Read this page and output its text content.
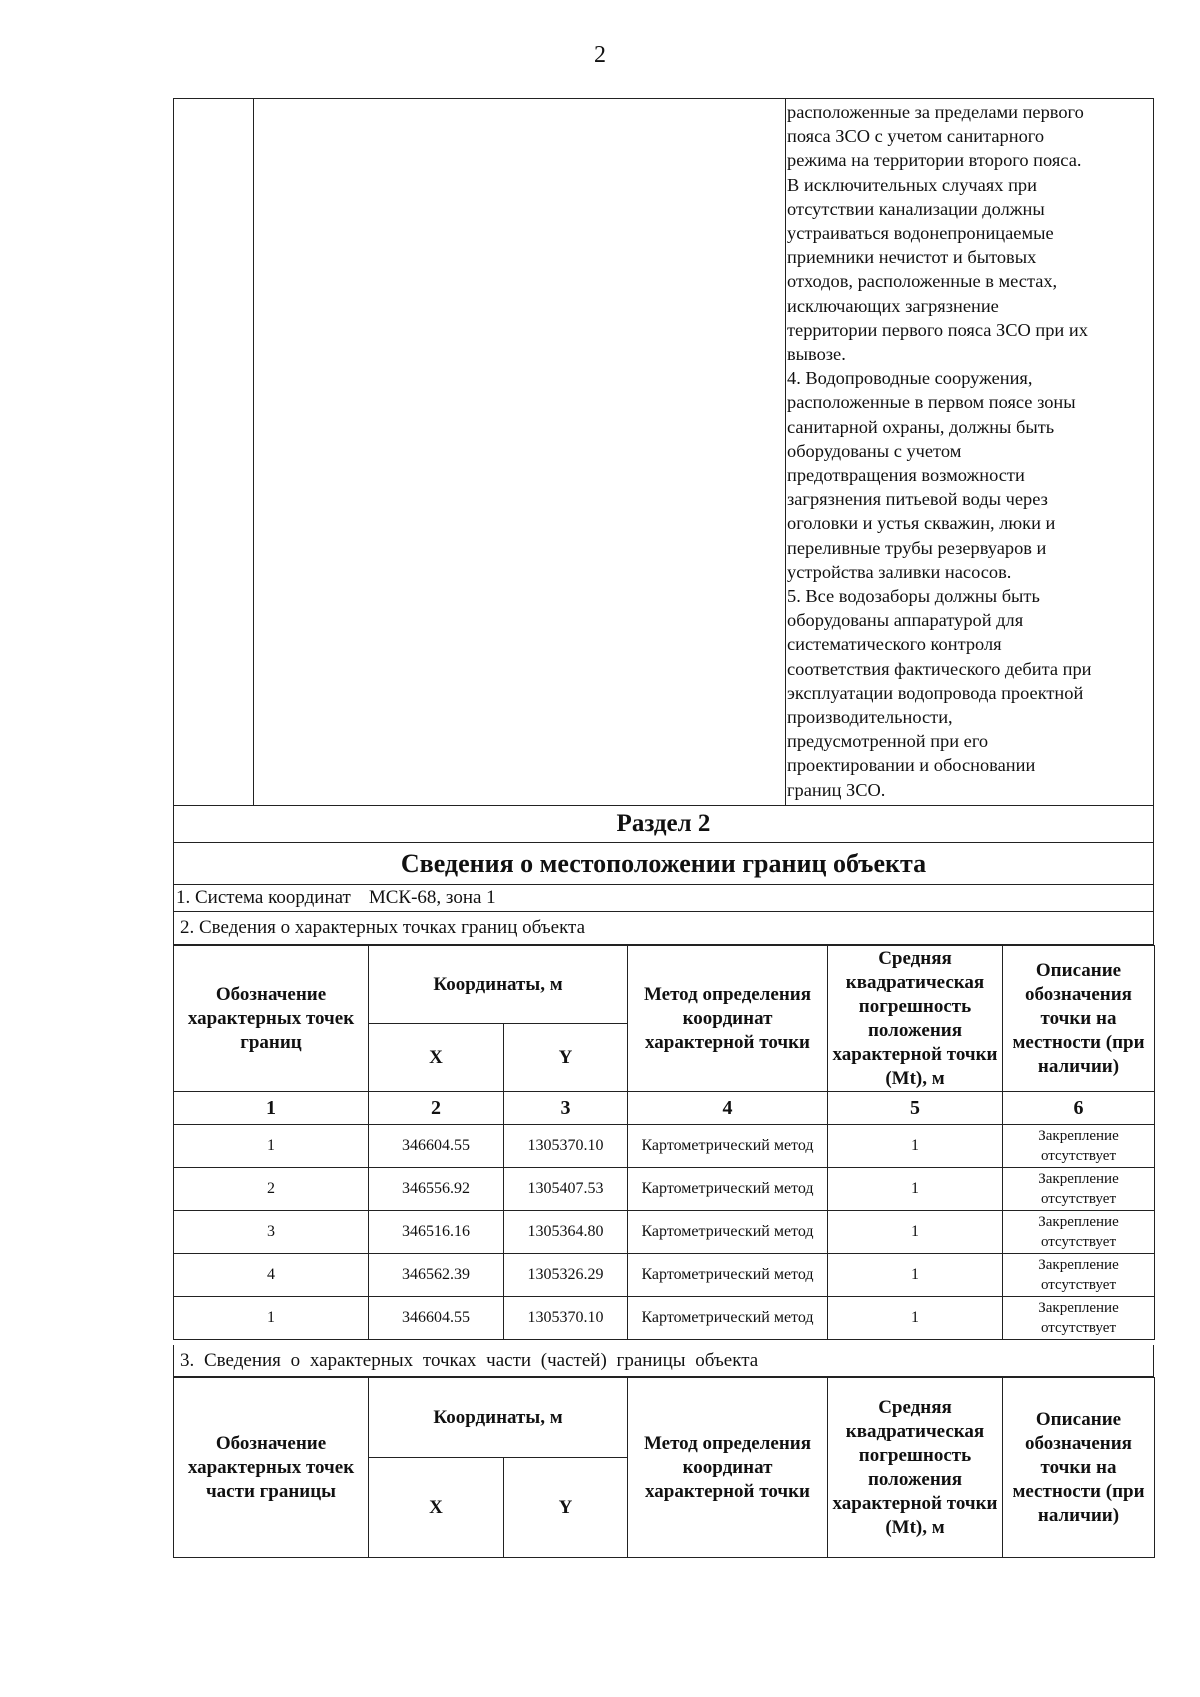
2
расположенные за пределами первого
пояса ЗСО с учетом санитарного
режима на территории второго пояса.
В исключительных случаях при
отсутствии канализации должны
устраиваться водонепроницаемые
приемники нечистот и бытовых
отходов, расположенные в местах,
исключающих загрязнение
территории первого пояса ЗСО при их
вывозе.
4. Водопроводные сооружения,
расположенные в первом поясе зоны
санитарной охраны, должны быть
оборудованы с учетом
предотвращения возможности
загрязнения питьевой воды через
оголовки и устья скважин, люки и
переливные трубы резервуаров и
устройства заливки насосов.
5. Все водозаборы должны быть
оборудованы аппаратурой для
систематического контроля
соответствия фактического дебита при
эксплуатации водопровода проектной
производительности,
предусмотренной при его
проектировании и обосновании
границ ЗСО.
Раздел 2
Сведения о местоположении границ объекта
1. Система координат МСК-68, зона 1
2. Сведения о характерных точках границ объекта
Обозначение характерных точек границ	Координаты, м		Метод определения координат характерной точки	Средняя квадратическая погрешность положения характерной точки (Mt), м	Описание обозначения точки на местности (при наличии)
	X	Y			
1	2	3	4	5	6
1	346604.55	1305370.10	Картометрический метод	1	Закрепление отсутствует
2	346556.92	1305407.53	Картометрический метод	1	Закрепление отсутствует
3	346516.16	1305364.80	Картометрический метод	1	Закрепление отсутствует
4	346562.39	1305326.29	Картометрический метод	1	Закрепление отсутствует
1	346604.55	1305370.10	Картометрический метод	1	Закрепление отсутствует
3. Сведения о характерных точках части (частей) границы объекта
Обозначение характерных точек части границы	Координаты, м		Метод определения координат характерной точки	Средняя квадратическая погрешность положения характерной точки (Mt), м	Описание обозначения точки на местности (при наличии)
	X	Y			
